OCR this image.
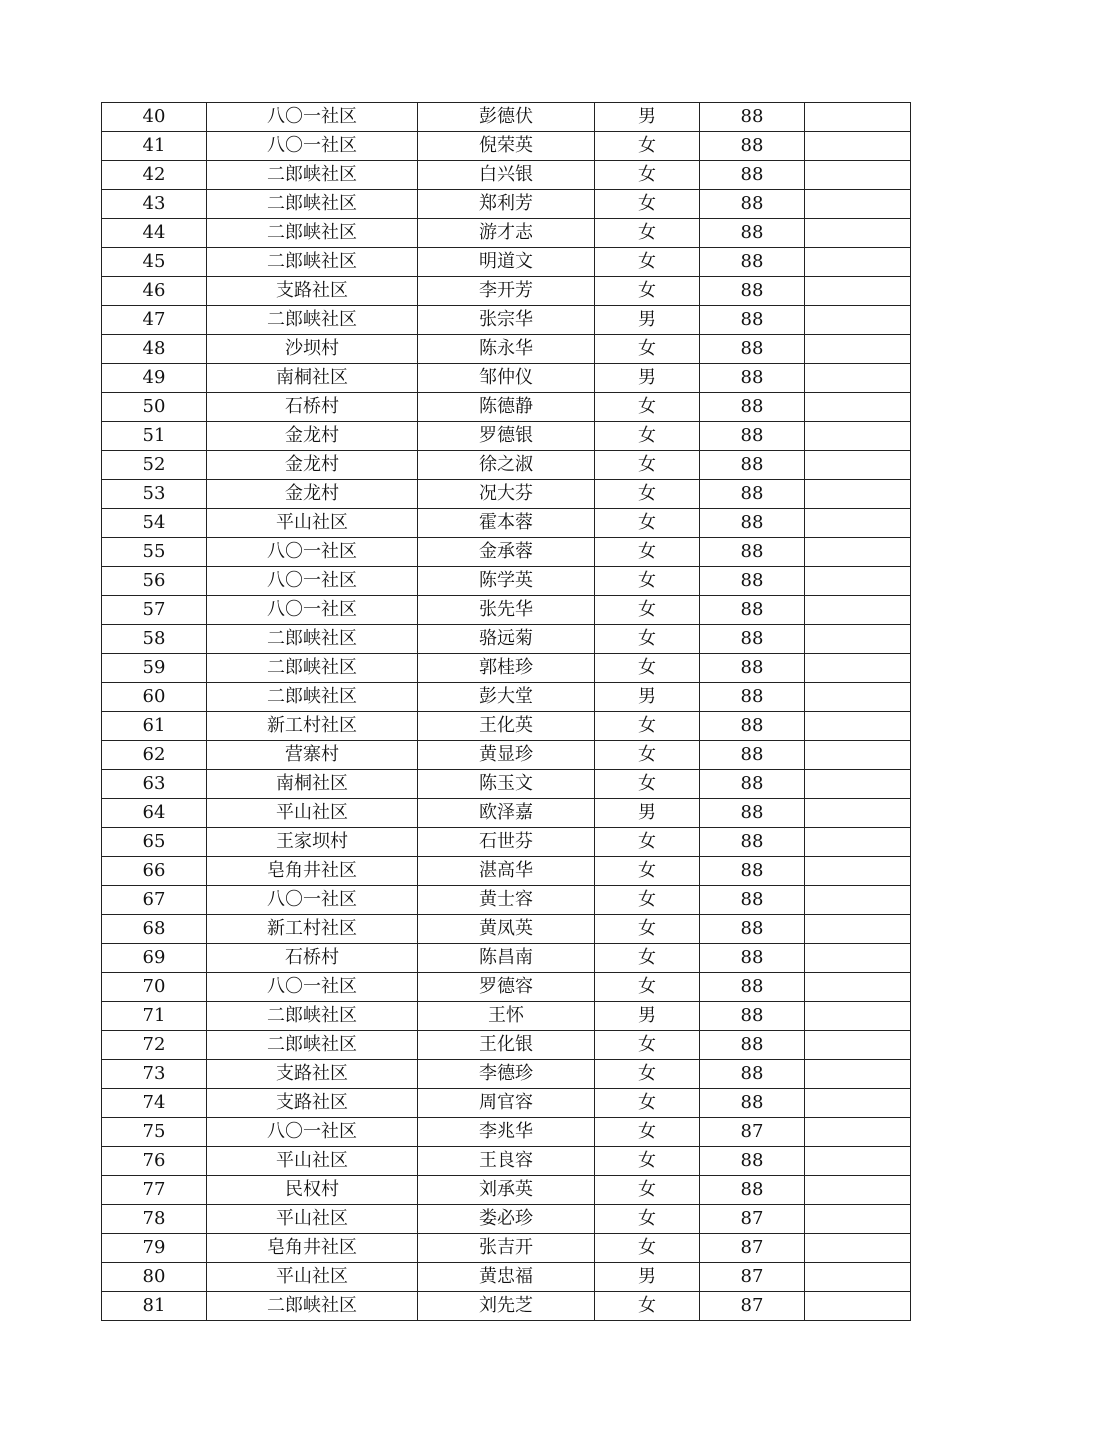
40	八〇一社区	彭德伏	男	88	
41	八〇一社区	倪荣英	女	88	
42	二郎峡社区	白兴银	女	88	
43	二郎峡社区	郑利芳	女	88	
44	二郎峡社区	游才志	女	88	
45	二郎峡社区	明道文	女	88	
46	支路社区	李开芳	女	88	
47	二郎峡社区	张宗华	男	88	
48	沙坝村	陈永华	女	88	
49	南桐社区	邹仲仪	男	88	
50	石桥村	陈德静	女	88	
51	金龙村	罗德银	女	88	
52	金龙村	徐之淑	女	88	
53	金龙村	况大芬	女	88	
54	平山社区	霍本蓉	女	88	
55	八〇一社区	金承蓉	女	88	
56	八〇一社区	陈学英	女	88	
57	八〇一社区	张先华	女	88	
58	二郎峡社区	骆远菊	女	88	
59	二郎峡社区	郭桂珍	女	88	
60	二郎峡社区	彭大堂	男	88	
61	新工村社区	王化英	女	88	
62	营寨村	黄显珍	女	88	
63	南桐社区	陈玉文	女	88	
64	平山社区	欧泽嘉	男	88	
65	王家坝村	石世芬	女	88	
66	皂角井社区	湛高华	女	88	
67	八〇一社区	黄士容	女	88	
68	新工村社区	黄凤英	女	88	
69	石桥村	陈昌南	女	88	
70	八〇一社区	罗德容	女	88	
71	二郎峡社区	王怀	男	88	
72	二郎峡社区	王化银	女	88	
73	支路社区	李德珍	女	88	
74	支路社区	周官容	女	88	
75	八〇一社区	李兆华	女	87	
76	平山社区	王良容	女	88	
77	民权村	刘承英	女	88	
78	平山社区	娄必珍	女	87	
79	皂角井社区	张吉开	女	87	
80	平山社区	黄忠福	男	87	
81	二郎峡社区	刘先芝	女	87	
